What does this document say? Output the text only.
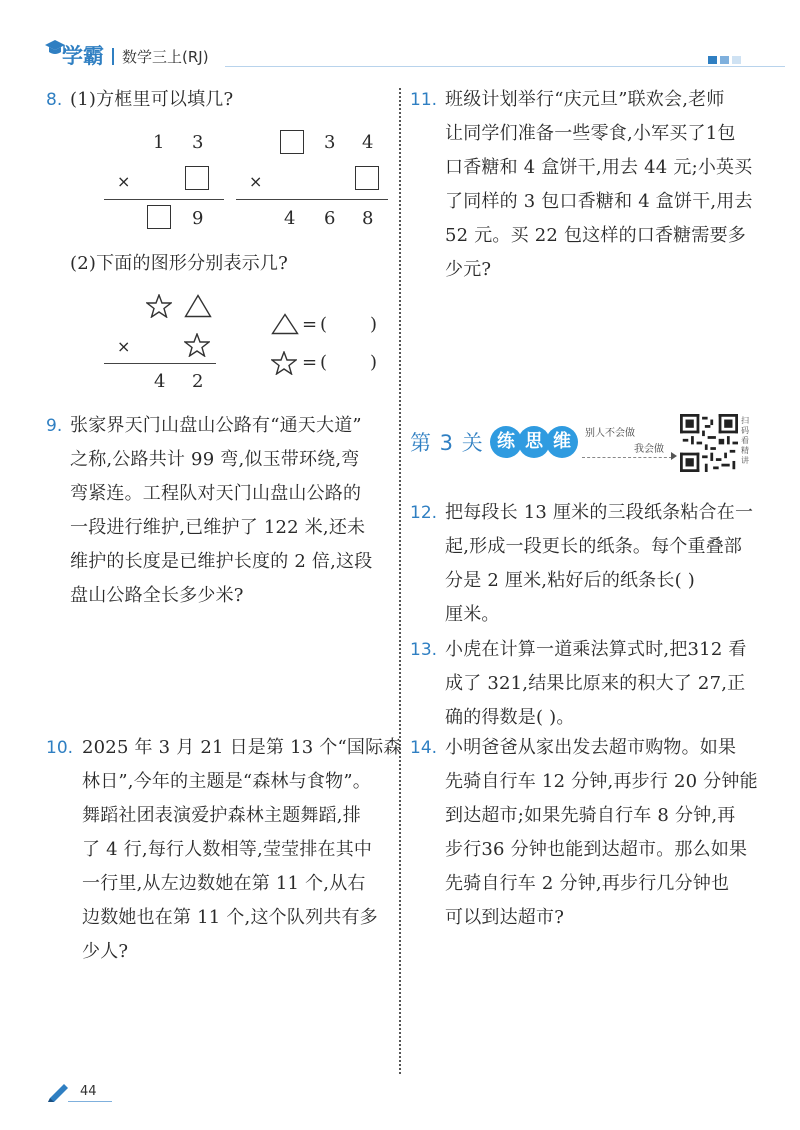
学霸 数学三上(RJ)
8. (1)方框里可以填几?
1 3
×
9
3 4
×
4 6 8
(2)下面的图形分别表示几?
×
4 2
= ( )
= ( )
9. 张家界天门山盘山公路有“通天大道”
之称,公路共计 99 弯,似玉带环绕,弯
弯紧连。工程队对天门山盘山公路的
一段进行维护,已维护了 122 米,还未
维护的长度是已维护长度的 2 倍,这段
盘山公路全长多少米?
10. 2025 年 3 月 21 日是第 13 个“国际森
林日”,今年的主题是“森林与食物”。
舞蹈社团表演爱护森林主题舞蹈,排
了 4 行,每行人数相等,莹莹排在其中
一行里,从左边数她在第 11 个,从右
边数她也在第 11 个,这个队列共有多
少人?
11. 班级计划举行“庆元旦”联欢会,老师
让同学们准备一些零食,小军买了1包
口香糖和 4 盒饼干,用去 44 元;小英买
了同样的 3 包口香糖和 4 盒饼干,用去
52 元。买 22 包这样的口香糖需要多
少元?
第 3 关 练 思 维	别人不会做
我会做
扫码看精讲
12. 把每段长 13 厘米的三段纸条粘合在一
起,形成一段更长的纸条。每个重叠部
分是 2 厘米,粘好后的纸条长( )
厘米。
13. 小虎在计算一道乘法算式时,把312 看
成了 321,结果比原来的积大了 27,正
确的得数是( )。
14. 小明爸爸从家出发去超市购物。如果
先骑自行车 12 分钟,再步行 20 分钟能
到达超市;如果先骑自行车 8 分钟,再
步行36 分钟也能到达超市。那么如果
先骑自行车 2 分钟,再步行几分钟也
可以到达超市?
44
